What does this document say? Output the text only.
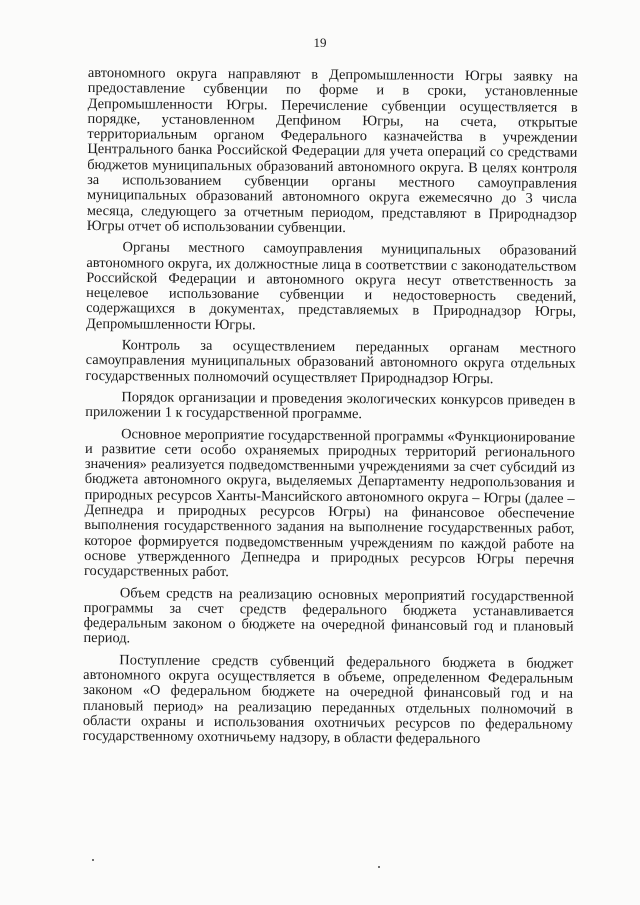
19

автономного округа направляют в Депромышленности Югры заявку на предоставление субвенции по форме и в сроки, установленные Депромышленности Югры. Перечисление субвенции осуществляется в порядке, установленном Депфином Югры, на счета, открытые территориальным органом Федерального казначейства в учреждении Центрального банка Российской Федерации для учета операций со средствами бюджетов муниципальных образований автономного округа. В целях контроля за использованием субвенции органы местного самоуправления муниципальных образований автономного округа ежемесячно до 3 числа месяца, следующего за отчетным периодом, представляют в Природнадзор Югры отчет об использовании субвенции.

Органы местного самоуправления муниципальных образований автономного округа, их должностные лица в соответствии с законодательством Российской Федерации и автономного округа несут ответственность за нецелевое использование субвенции и недостоверность сведений, содержащихся в документах, представляемых в Природнадзор Югры, Депромышленности Югры.

Контроль за осуществлением переданных органам местного самоуправления муниципальных образований автономного округа отдельных государственных полномочий осуществляет Природнадзор Югры.

Порядок организации и проведения экологических конкурсов приведен в приложении 1 к государственной программе.

Основное мероприятие государственной программы «Функционирование и развитие сети особо охраняемых природных территорий регионального значения» реализуется подведомственными учреждениями за счет субсидий из бюджета автономного округа, выделяемых Департаменту недропользования и природных ресурсов Ханты-Мансийского автономного округа – Югры (далее – Депнедра и природных ресурсов Югры) на финансовое обеспечение выполнения государственного задания на выполнение государственных работ, которое формируется подведомственным учреждениям по каждой работе на основе утвержденного Депнедра и природных ресурсов Югры перечня государственных работ.

Объем средств на реализацию основных мероприятий государственной программы за счет средств федерального бюджета устанавливается федеральным законом о бюджете на очередной финансовый год и плановый период.

Поступление средств субвенций федерального бюджета в бюджет автономного округа осуществляется в объеме, определенном Федеральным законом «О федеральном бюджете на очередной финансовый год и на плановый период» на реализацию переданных отдельных полномочий в области охраны и использования охотничьих ресурсов по федеральному государственному охотничьему надзору, в области федерального
